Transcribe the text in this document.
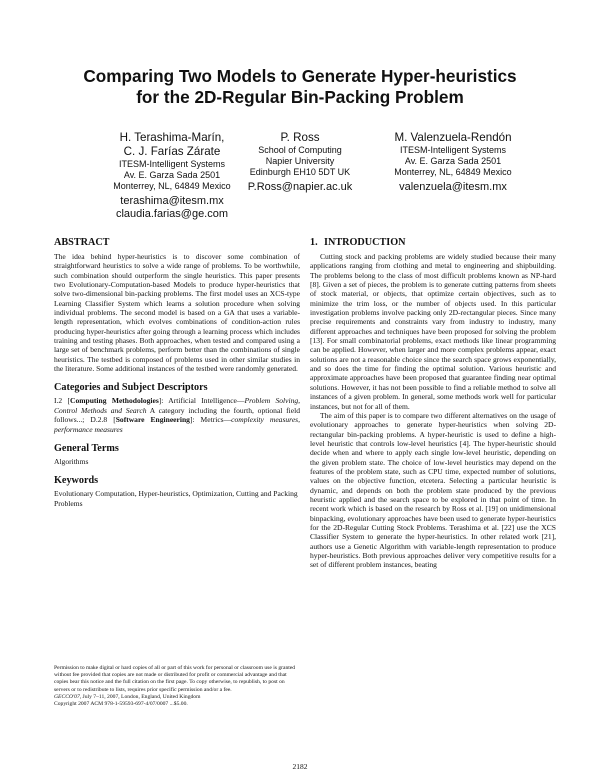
Comparing Two Models to Generate Hyper-heuristics
for the 2D-Regular Bin-Packing Problem
H. Terashima-Marín,
C. J. Farías Zárate
ITESM-Intelligent Systems
Av. E. Garza Sada 2501
Monterrey, NL, 64849 Mexico
terashima@itesm.mx
claudia.farias@ge.com
P. Ross
School of Computing
Napier University
Edinburgh EH10 5DT UK
P.Ross@napier.ac.uk
M. Valenzuela-Rendón
ITESM-Intelligent Systems
Av. E. Garza Sada 2501
Monterrey, NL, 64849 Mexico
valenzuela@itesm.mx
ABSTRACT

The idea behind hyper-heuristics is to discover some combination of straightforward heuristics to solve a wide range of problems. To be worthwhile, such combination should outperform the single heuristics. This paper presents two Evolutionary-Computation-based Models to produce hyper-heuristics that solve two-dimensional bin-packing problems. The first model uses an XCS-type Learning Classifier System which learns a solution procedure when solving individual problems. The second model is based on a GA that uses a variable-length representation, which evolves combinations of condition-action rules producing hyper-heuristics after going through a learning process which includes training and testing phases. Both approaches, when tested and compared using a large set of benchmark problems, perform better than the combinations of single heuristics. The testbed is composed of problems used in other similar studies in the literature. Some additional instances of the testbed were randomly generated.

Categories and Subject Descriptors

I.2 [Computing Methodologies]: Artificial Intelligence—Problem Solving, Control Methods and Search A category including the fourth, optional field follows...; D.2.8 [Software Engineering]: Metrics—complexity measures, performance measures

General Terms

Algorithms

Keywords

Evolutionary Computation, Hyper-heuristics, Optimization, Cutting and Packing Problems

Permission to make digital or hard copies of all or part of this work for personal or classroom use is granted without fee provided that copies are not made or distributed for profit or commercial advantage and that copies bear this notice and the full citation on the first page. To copy otherwise, to republish, to post on servers or to redistribute to lists, requires prior specific permission and/or a fee.

GECCO'07, July 7–11, 2007, London, England, United Kingdom

Copyright 2007 ACM 978-1-59593-697-4/07/0007 ...$5.00.

1. INTRODUCTION

Cutting stock and packing problems are widely studied because their many applications ranging from clothing and metal to engineering and shipbuilding. The problems belong to the class of most difficult problems known as NP-hard [8]. Given a set of pieces, the problem is to generate cutting patterns from sheets of stock material, or objects, that optimize certain objectives, such as to minimize the trim loss, or the number of objects used. In this particular investigation problems involve packing only 2D-rectangular pieces. Since many precise requirements and constraints vary from industry to industry, many different approaches and techniques have been proposed for solving the problem [13]. For small combinatorial problems, exact methods like linear programming can be applied. However, when larger and more complex problems appear, exact solutions are not a reasonable choice since the search space grows exponentially, and so does the time for finding the optimal solution. Various heuristic and approximate approaches have been proposed that guarantee finding near optimal solutions. However, it has not been possible to find a reliable method to solve all instances of a given problem. In general, some methods work well for particular instances, but not for all of them.

The aim of this paper is to compare two different alternatives on the usage of evolutionary approaches to generate hyper-heuristics when solving 2D-rectangular bin-packing problems. A hyper-heuristic is used to define a high-level heuristic that controls low-level heuristics [4]. The hyper-heuristic should decide when and where to apply each single low-level heuristic, depending on the given problem state. The choice of low-level heuristics may depend on the features of the problem state, such as CPU time, expected number of solutions, values on the objective function, etcetera. Selecting a particular heuristic is dynamic, and depends on both the problem state produced by the previous heuristic applied and the search space to be explored in that point of time. In recent work which is based on the research by Ross et al. [19] on unidimensional binpacking, evolutionary approaches have been used to generate hyper-heuristics for the 2D-Regular Cutting Stock Problems. Terashima et al. [22] use the XCS Classifier System to generate the hyper-heuristics. In other related work [21], authors use a Genetic Algorithm with variable-length representation to produce hyper-heuristics. Both previous approaches deliver very competitive results for a set of different problem instances, beating

2182
